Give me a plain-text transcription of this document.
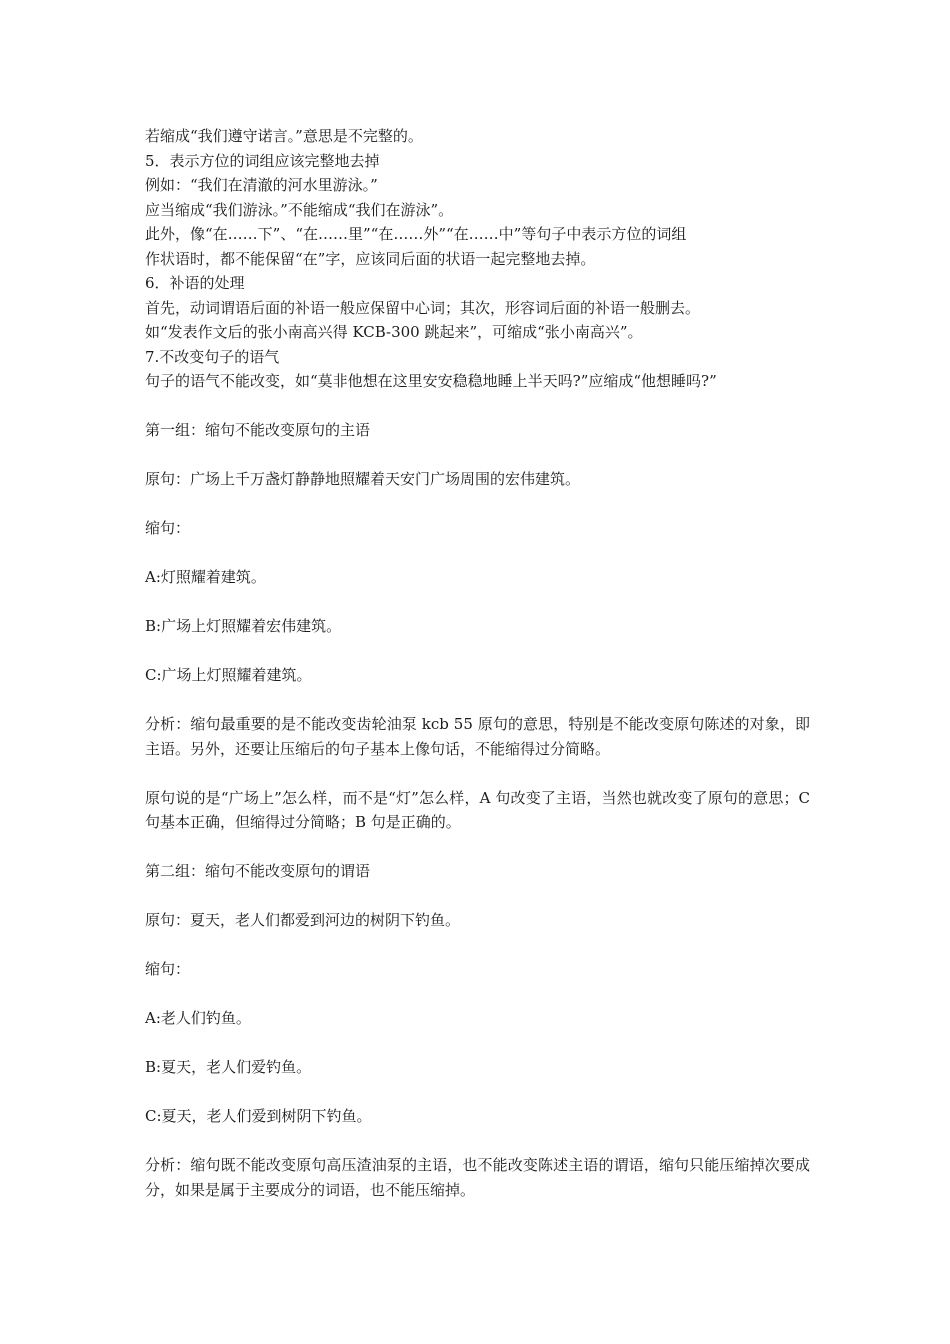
若缩成“我们遵守诺言。”意思是不完整的。
5．表示方位的词组应该完整地去掉
例如：“我们在清澈的河水里游泳。”
应当缩成“我们游泳。”不能缩成“我们在游泳”。
此外，像“在……下”、“在……里”“在……外”“在……中”等句子中表示方位的词组
作状语时，都不能保留“在”字，应该同后面的状语一起完整地去掉。
6．补语的处理
首先，动词谓语后面的补语一般应保留中心词；其次，形容词后面的补语一般删去。
如“发表作文后的张小南高兴得 KCB-300 跳起来”，可缩成“张小南高兴”。
7.不改变句子的语气
句子的语气不能改变，如“莫非他想在这里安安稳稳地睡上半天吗?”应缩成“他想睡吗?”

第一组：缩句不能改变原句的主语

原句：广场上千万盏灯静静地照耀着天安门广场周围的宏伟建筑。

缩句：

A:灯照耀着建筑。

B:广场上灯照耀着宏伟建筑。

C:广场上灯照耀着建筑。

分析：缩句最重要的是不能改变齿轮油泵 kcb 55 原句的意思，特别是不能改变原句陈述的对象，即主语。另外，还要让压缩后的句子基本上像句话，不能缩得过分简略。

原句说的是“广场上”怎么样，而不是“灯”怎么样，A 句改变了主语，当然也就改变了原句的意思；C 句基本正确，但缩得过分简略；B 句是正确的。

第二组：缩句不能改变原句的谓语

原句：夏天，老人们都爱到河边的树阴下钓鱼。

缩句：

A:老人们钓鱼。

B:夏天，老人们爱钓鱼。

C:夏天，老人们爱到树阴下钓鱼。

分析：缩句既不能改变原句高压渣油泵的主语，也不能改变陈述主语的谓语，缩句只能压缩掉次要成分，如果是属于主要成分的词语，也不能压缩掉。
